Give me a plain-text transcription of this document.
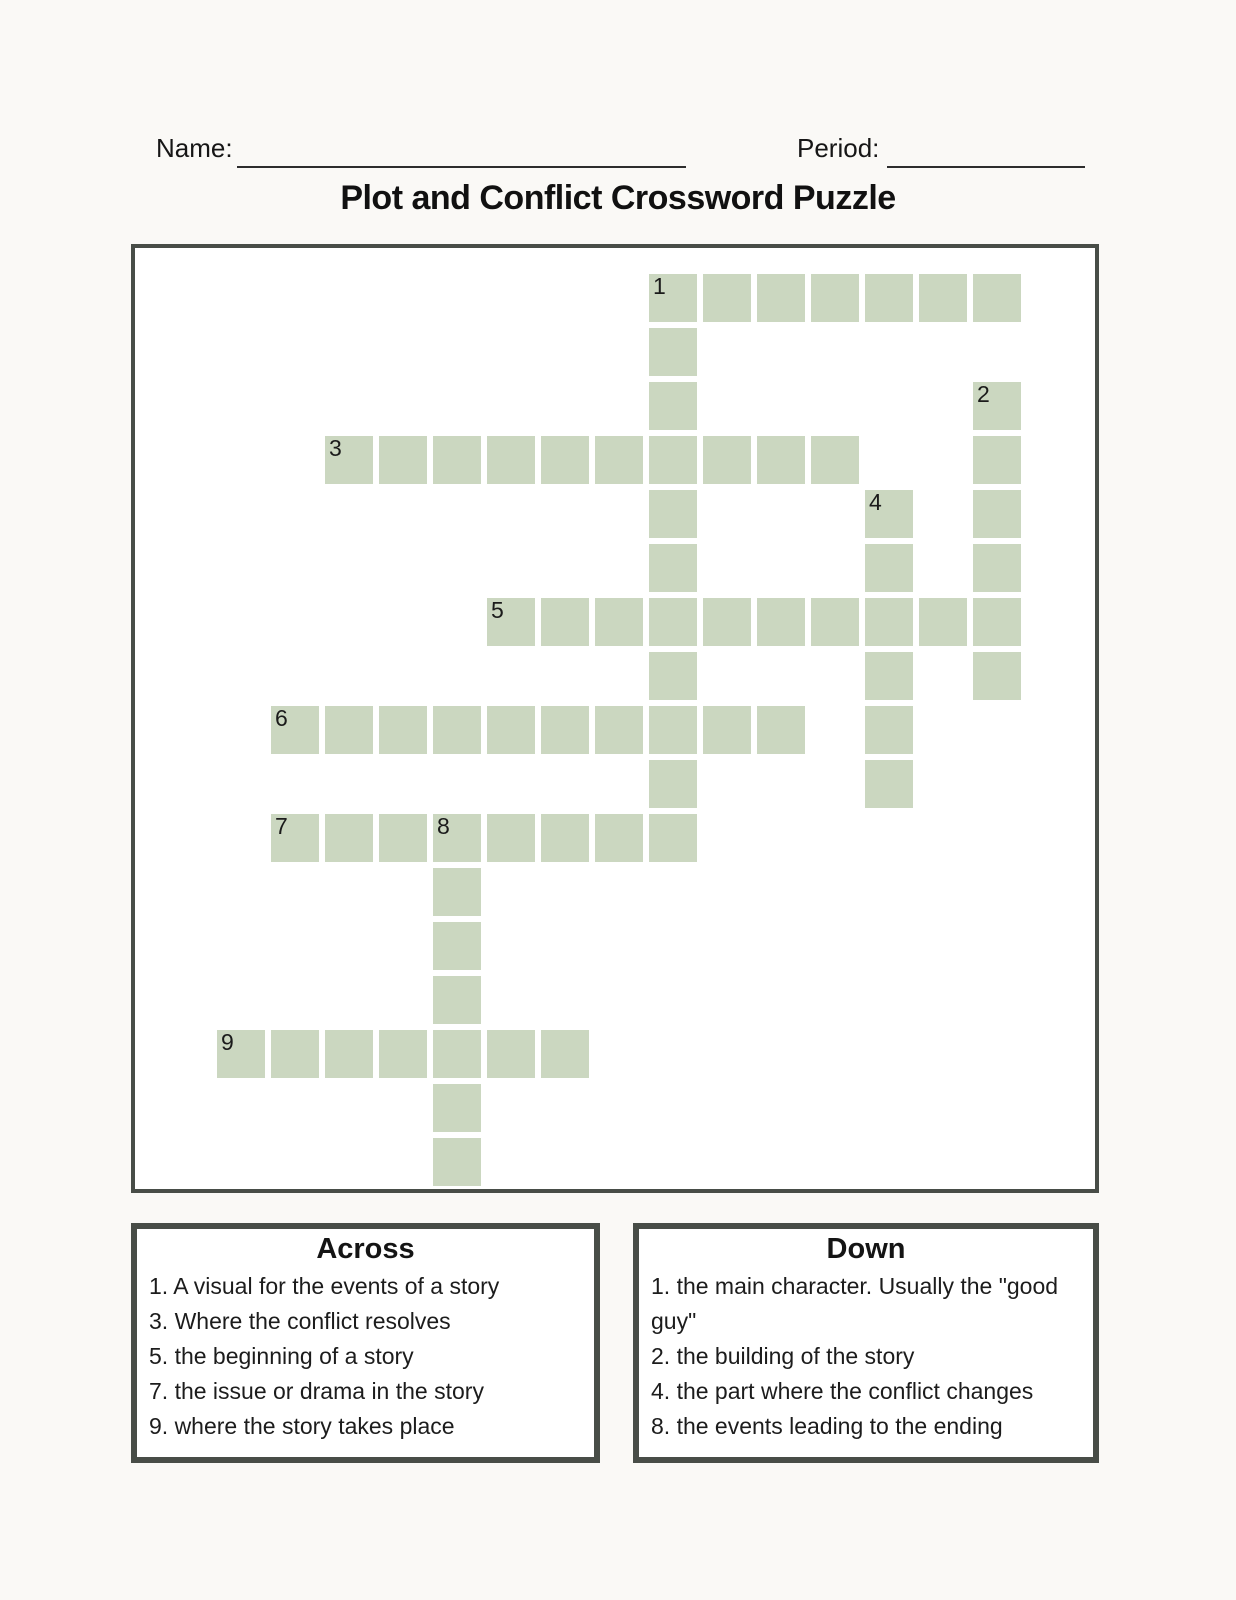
Name:	Period:
Plot and Conflict Crossword Puzzle
1
2
3
4
5
6
7	8
9
Across
1. A visual for the events of a story
3. Where the conflict resolves
5. the beginning of a story
7. the issue or drama in the story
9. where the story takes place
Down
1. the main character. Usually the "good guy"
2. the building of the story
4. the part where the conflict changes
8. the events leading to the ending
